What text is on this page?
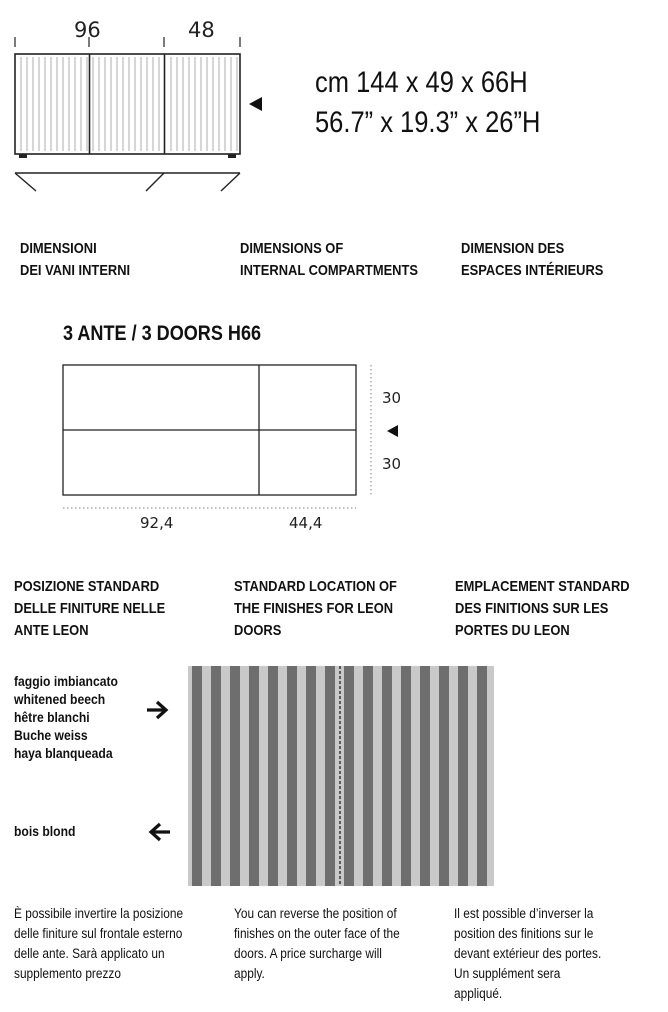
96	48
cm 144 x 49 x 66H
56.7” x 19.3” x 26”H
DIMENSIONI
DEI VANI INTERNI
DIMENSIONS OF
INTERNAL COMPARTMENTS
DIMENSION DES
ESPACES INTÉRIEURS
3 ANTE / 3 DOORS H66
30
30
92,4	44,4
POSIZIONE STANDARD
DELLE FINITURE NELLE
ANTE LEON
STANDARD LOCATION OF
THE FINISHES FOR LEON
DOORS
EMPLACEMENT STANDARD
DES FINITIONS SUR LES
PORTES DU LEON
faggio imbiancato
whitened beech
hêtre blanchi
Buche weiss
haya blanqueada
bois blond
È possibile invertire la posizione
delle finiture sul frontale esterno
delle ante. Sarà applicato un
supplemento prezzo
You can reverse the position of
finishes on the outer face of the
doors. A price surcharge will
apply.
Il est possible d’inverser la
position des finitions sur le
devant extérieur des portes.
Un supplément sera
appliqué.
